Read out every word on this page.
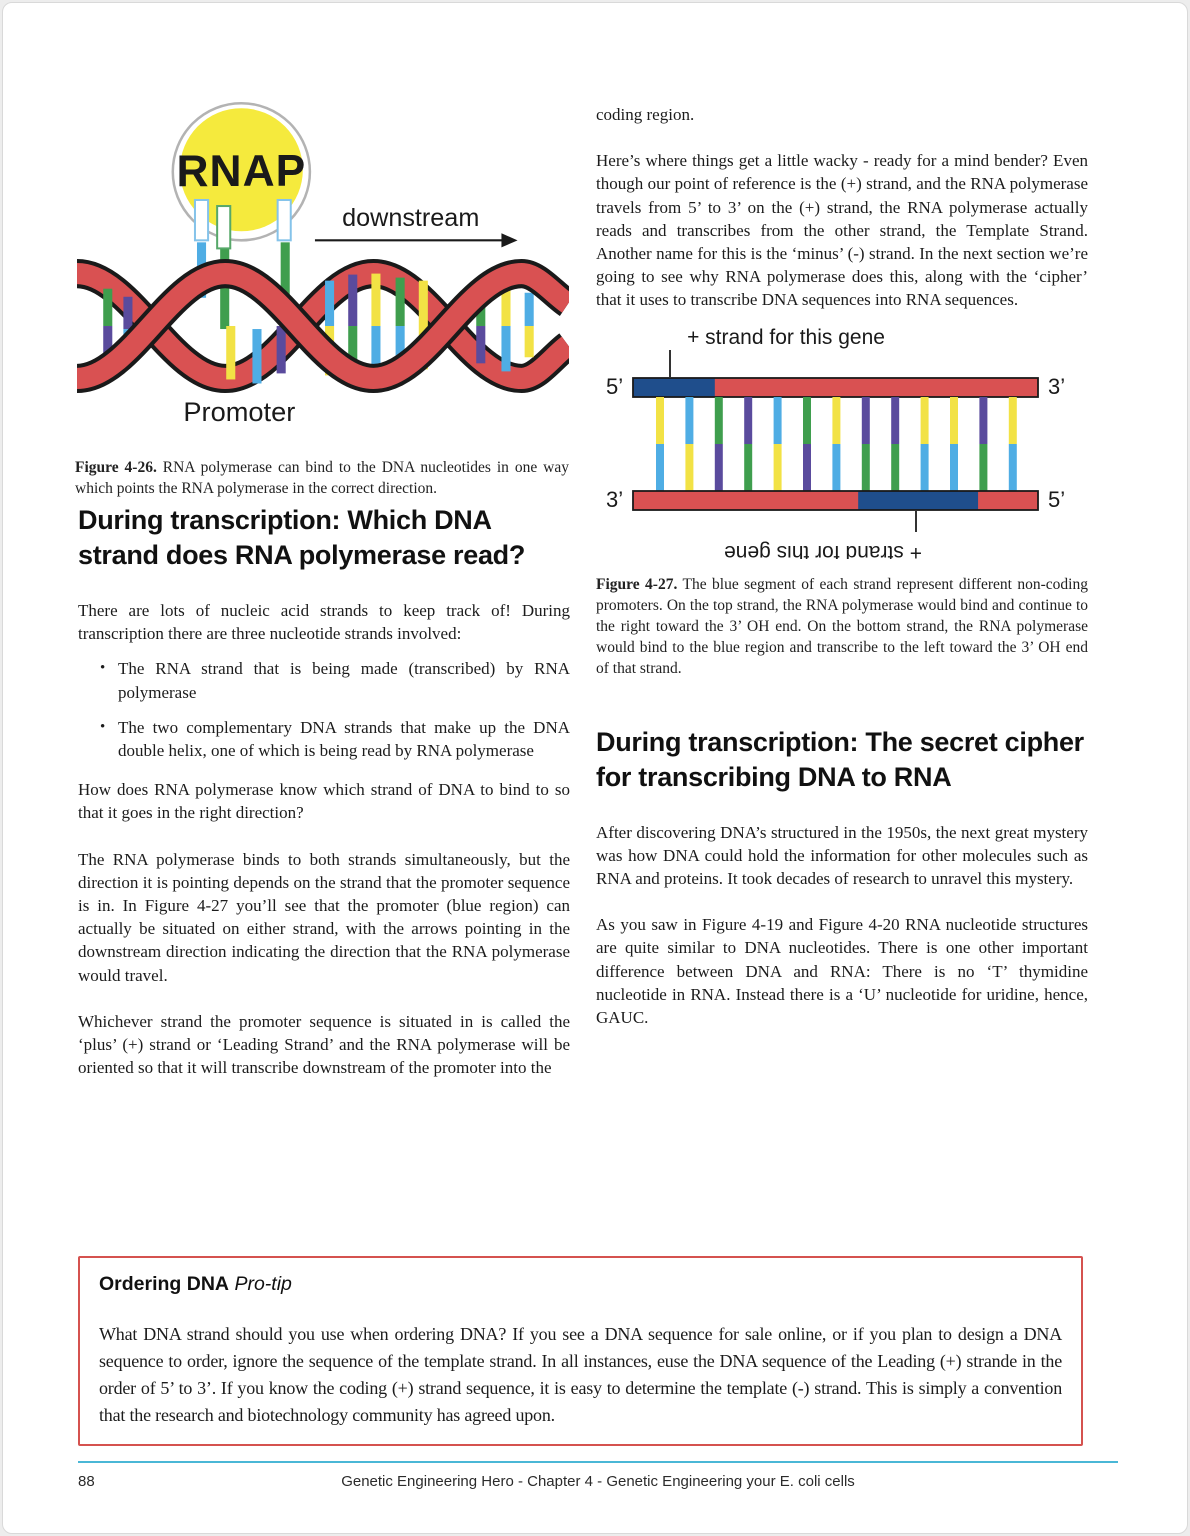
RNAP
downstream
Promoter

Figure 4-26. RNA polymerase can bind to the DNA nucleotides in one way which points the RNA polymerase in the correct direction.

During transcription: Which DNA strand does RNA polymerase read?

There are lots of nucleic acid strands to keep track of! During transcription there are three nucleotide strands involved:

• The RNA strand that is being made (transcribed) by RNA polymerase
• The two complementary DNA strands that make up the DNA double helix, one of which is being read by RNA polymerase

How does RNA polymerase know which strand of DNA to bind to so that it goes in the right direction?

The RNA polymerase binds to both strands simultaneously, but the direction it is pointing depends on the strand that the promoter sequence is in. In Figure 4-27 you’ll see that the promoter (blue region) can actually be situated on either strand, with the arrows pointing in the downstream direction indicating the direction that the RNA polymerase would travel.

Whichever strand the promoter sequence is situated in is called the ‘plus’ (+) strand or ‘Leading Strand’ and the RNA polymerase will be oriented so that it will transcribe downstream of the promoter into the

coding region.

Here’s where things get a little wacky - ready for a mind bender? Even though our point of reference is the (+) strand, and the RNA polymerase travels from 5’ to 3’ on the (+) strand, the RNA polymerase actually reads and transcribes from the other strand, the Template Strand. Another name for this is the ‘minus’ (-) strand. In the next section we’re going to see why RNA polymerase does this, along with the ‘cipher’ that it uses to transcribe DNA sequences into RNA sequences.

+ strand for this gene
5’	3’
3’	5’
+ strand for this gene

Figure 4-27. The blue segment of each strand represent different non-coding promoters. On the top strand, the RNA polymerase would bind and continue to the right toward the 3’ OH end. On the bottom strand, the RNA polymerase would bind to the blue region and transcribe to the left toward the 3’ OH end of that strand.

During transcription: The secret cipher for transcribing DNA to RNA

After discovering DNA’s structured in the 1950s, the next great mystery was how DNA could hold the information for other molecules such as RNA and proteins. It took decades of research to unravel this mystery.

As you saw in Figure 4-19 and Figure 4-20 RNA nucleotide structures are quite similar to DNA nucleotides. There is one other important difference between DNA and RNA: There is no ‘T’ thymidine nucleotide in RNA. Instead there is a ‘U’ nucleotide for uridine, hence, GAUC.

Ordering DNA Pro-tip

What DNA strand should you use when ordering DNA? If you see a DNA sequence for sale online, or if you plan to design a DNA sequence to order, ignore the sequence of the template strand. In all instances, euse the DNA sequence of the Leading (+) strande in the order of 5’ to 3’. If you know the coding (+) strand sequence, it is easy to determine the template (-) strand. This is simply a convention that the research and biotechnology community has agreed upon.

88	Genetic Engineering Hero - Chapter 4 - Genetic Engineering your E. coli cells
